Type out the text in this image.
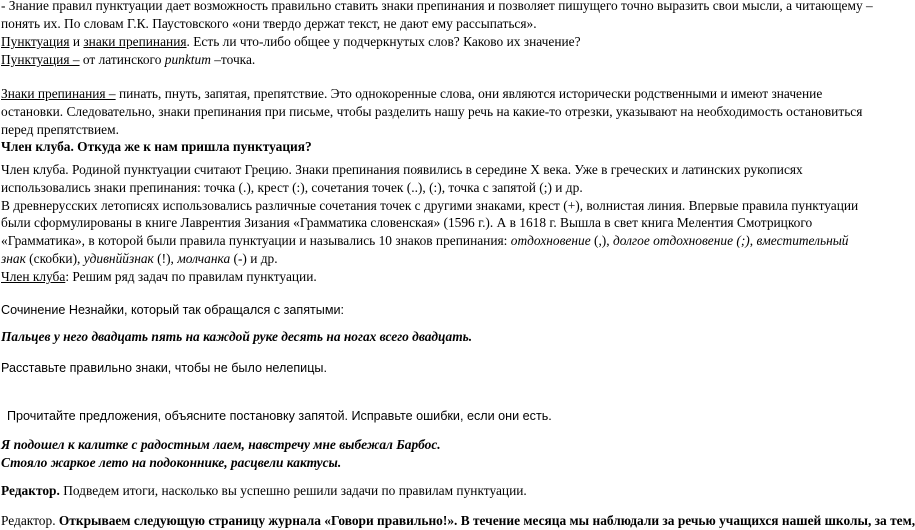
- Знание правил пунктуации дает возможность правильно ставить знаки препинания и позволяет пишущего точно выразить свои мысли, а читающему –
понять их. По словам Г.К. Паустовского «они твердо держат текст, не дают ему рассыпаться».
Пунктуация и знаки препинания. Есть ли что-либо общее у подчеркнутых слов? Каково их значение?
Пунктуация – от латинского punktum –точка.
Знаки препинания – пинать, пнуть, запятая, препятствие. Это однокоренные слова, они являются исторически родственными и имеют значение
остановки. Следовательно, знаки препинания при письме, чтобы разделить нашу речь на какие-то отрезки, указывают на необходимость остановиться
перед препятствием.
Член клуба. Откуда же к нам пришла пунктуация?
Член клуба. Родиной пунктуации считают Грецию. Знаки препинания появились в середине X века. Уже в греческих и латинских рукописях
использовались знаки препинания: точка (.), крест (:), сочетания точек (..), (:), точка с запятой (;) и др.
В древнерусских летописях использовались различные сочетания точек с другими знаками, крест (+), волнистая линия. Впервые правила пунктуации
были сформулированы в книге Лаврентия Зизания «Грамматика словенская» (1596 г.). А в 1618 г. Вышла в свет книга Мелентия Смотрицкого
«Грамматика», в которой были правила пунктуации и назывались 10 знаков препинания: отдохновение (,), долгое отдохновение (;), вместительный
знак (скобки), удивнййзнак (!), молчанка (-) и др.
Член клуба: Решим ряд задач по правилам пунктуации.
Сочинение Незнайки, который так обращался с запятыми:
Пальцев у него двадцать пять на каждой руке десять на ногах всего двадцать.
Расставьте правильно знаки, чтобы не было нелепицы.
Прочитайте предложения, объясните постановку запятой. Исправьте ошибки, если они есть.
Я подошел к калитке с радостным лаем, навстречу мне выбежал Барбос.
Стояло жаркое лето на подоконнике, расцвели кактусы.
Редактор. Подведем итоги, насколько вы успешно решили задачи по правилам пунктуации.
Редактор. Открываем следующую страницу журнала «Говори правильно!». В течение месяца мы наблюдали за речью учащихся нашей школы, за тем,
